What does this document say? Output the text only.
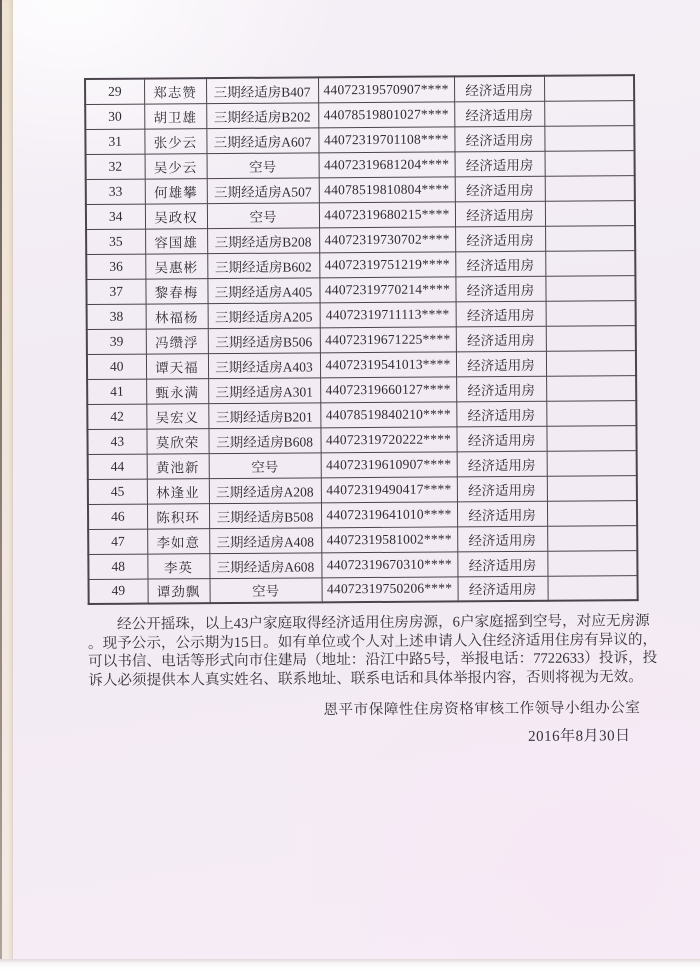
29	郑志赞	三期经适房B407	44072319570907****	经济适用房	
30	胡卫雄	三期经适房B202	44078519801027****	经济适用房	
31	张少云	三期经适房A607	44072319701108****	经济适用房	
32	吴少云	空号	44072319681204****	经济适用房	
33	何雄攀	三期经适房A507	44078519810804****	经济适用房	
34	吴政权	空号	44072319680215****	经济适用房	
35	容国雄	三期经适房B208	44072319730702****	经济适用房	
36	吴惠彬	三期经适房B602	44072319751219****	经济适用房	
37	黎春梅	三期经适房A405	44072319770214****	经济适用房	
38	林福杨	三期经适房A205	44072319711113****	经济适用房	
39	冯缵浮	三期经适房B506	44072319671225****	经济适用房	
40	谭天福	三期经适房A403	44072319541013****	经济适用房	
41	甄永满	三期经适房A301	44072319660127****	经济适用房	
42	吴宏义	三期经适房B201	44078519840210****	经济适用房	
43	莫欣荣	三期经适房B608	44072319720222****	经济适用房	
44	黄池新	空号	44072319610907****	经济适用房	
45	林逢业	三期经适房A208	44072319490417****	经济适用房	
46	陈积环	三期经适房B508	44072319641010****	经济适用房	
47	李如意	三期经适房A408	44072319581002****	经济适用房	
48	李英	三期经适房A608	44072319670310****	经济适用房	
49	谭劲飘	空号	44072319750206****	经济适用房	
经公开摇珠，以上43户家庭取得经济适用住房房源，6户家庭摇到空号，对应无房源
。现予公示，公示期为15日。如有单位或个人对上述申请人入住经济适用住房有异议的，
可以书信、电话等形式向市住建局（地址：沿江中路5号，举报电话：7722633）投诉，投
诉人必须提供本人真实姓名、联系地址、联系电话和具体举报内容，否则将视为无效。
恩平市保障性住房资格审核工作领导小组办公室
2016年8月30日
